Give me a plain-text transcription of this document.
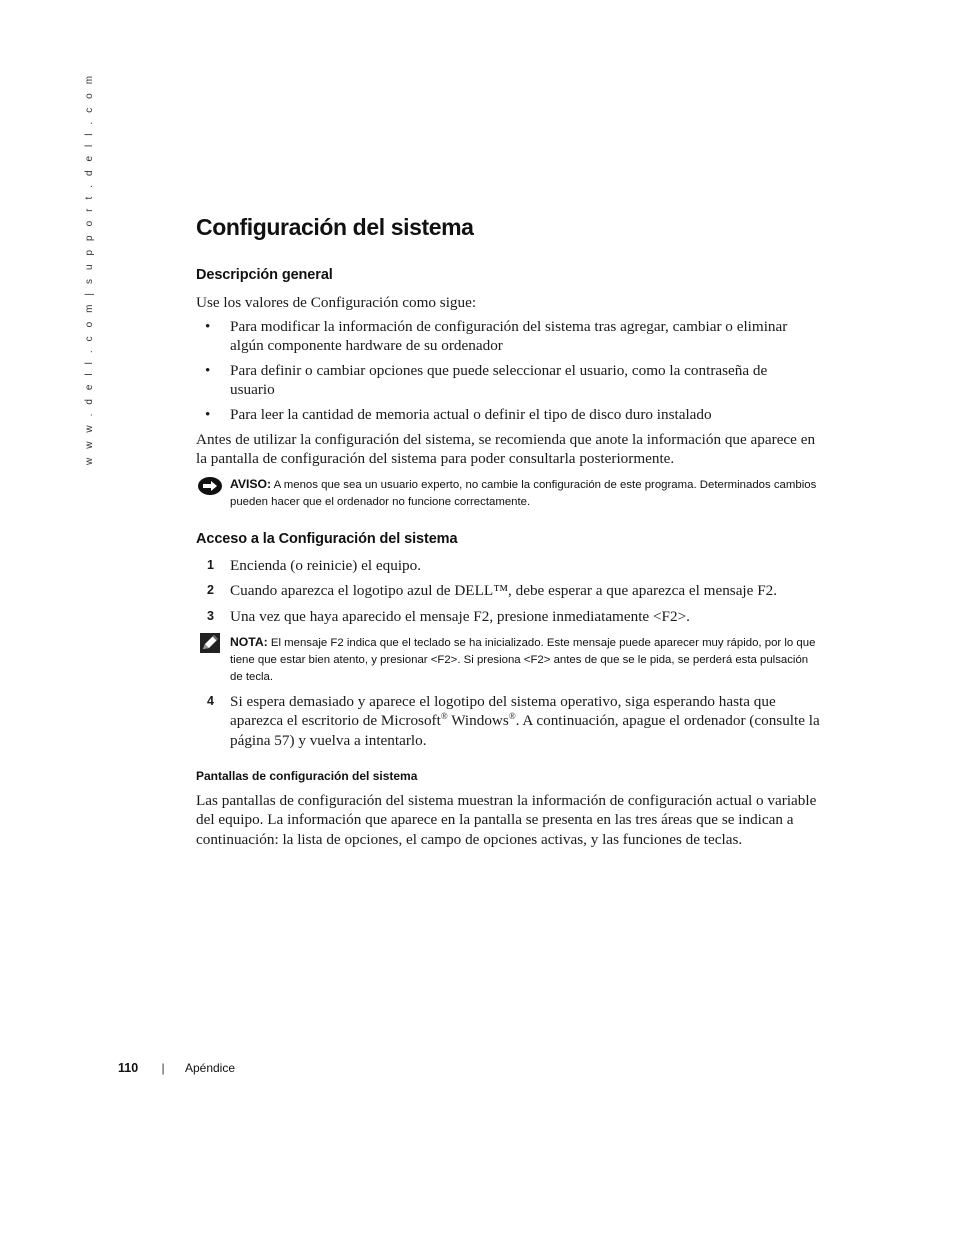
w w w . d e l l . c o m | s u p p o r t . d e l l . c o m	Configuración del sistema
Descripción general

Use los valores de Configuración como sigue:

• Para modificar la información de configuración del sistema tras agregar, cambiar o eliminar algún componente hardware de su ordenador
• Para definir o cambiar opciones que puede seleccionar el usuario, como la contraseña de usuario
• Para leer la cantidad de memoria actual o definir el tipo de disco duro instalado

Antes de utilizar la configuración del sistema, se recomienda que anote la información que aparece en la pantalla de configuración del sistema para poder consultarla posteriormente.

AVISO: A menos que sea un usuario experto, no cambie la configuración de este programa. Determinados cambios pueden hacer que el ordenador no funcione correctamente.
Acceso a la Configuración del sistema
1 Encienda (o reinicie) el equipo.
2 Cuando aparezca el logotipo azul de DELL™, debe esperar a que aparezca el mensaje F2.
3 Una vez que haya aparecido el mensaje F2, presione inmediatamente <F2>.
NOTA: El mensaje F2 indica que el teclado se ha inicializado. Este mensaje puede aparecer muy rápido, por lo que tiene que estar bien atento, y presionar <F2>. Si presiona <F2> antes de que se le pida, se perderá esta pulsación de tecla.
4 Si espera demasiado y aparece el logotipo del sistema operativo, siga esperando hasta que aparezca el escritorio de Microsoft® Windows®. A continuación, apague el ordenador (consulte la página 57) y vuelva a intentarlo.
Pantallas de configuración del sistema

Las pantallas de configuración del sistema muestran la información de configuración actual o variable del equipo. La información que aparece en la pantalla se presenta en las tres áreas que se indican a continuación: la lista de opciones, el campo de opciones activas, y las funciones de teclas.

110 | Apéndice
